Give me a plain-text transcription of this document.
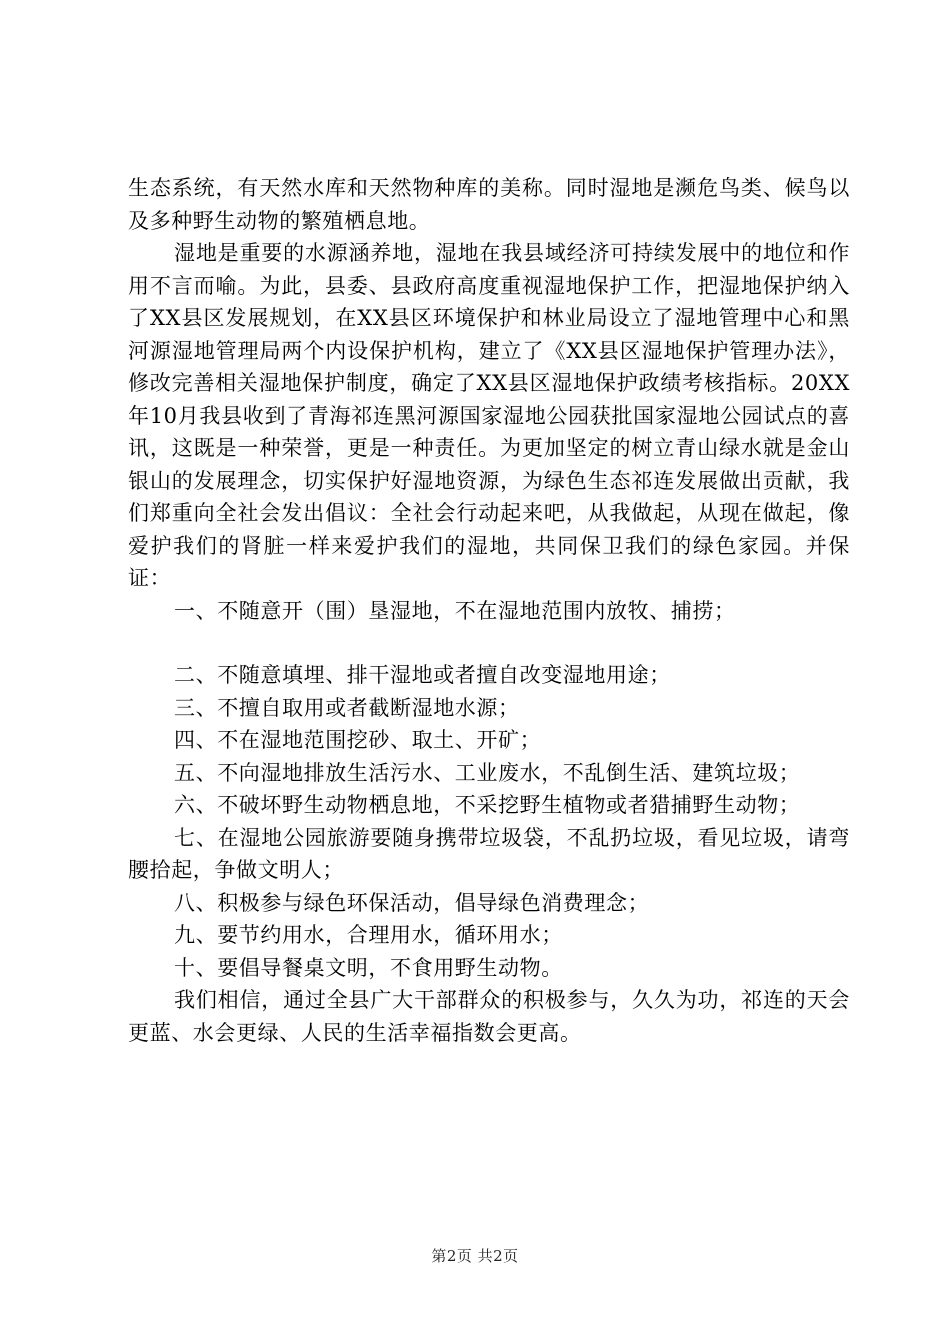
生态系统，有天然水库和天然物种库的美称。同时湿地是濒危鸟类、候鸟以及多种野生动物的繁殖栖息地。

湿地是重要的水源涵养地，湿地在我县域经济可持续发展中的地位和作用不言而喻。为此，县委、县政府高度重视湿地保护工作，把湿地保护纳入了XX县区发展规划，在XX县区环境保护和林业局设立了湿地管理中心和黑河源湿地管理局两个内设保护机构，建立了《XX县区湿地保护管理办法》，修改完善相关湿地保护制度，确定了XX县区湿地保护政绩考核指标。20XX年10月我县收到了青海祁连黑河源国家湿地公园获批国家湿地公园试点的喜讯，这既是一种荣誉，更是一种责任。为更加坚定的树立青山绿水就是金山银山的发展理念，切实保护好湿地资源，为绿色生态祁连发展做出贡献，我们郑重向全社会发出倡议：全社会行动起来吧，从我做起，从现在做起，像爱护我们的肾脏一样来爱护我们的湿地，共同保卫我们的绿色家园。并保证：

一、不随意开（围）垦湿地，不在湿地范围内放牧、捕捞；

二、不随意填埋、排干湿地或者擅自改变湿地用途；

三、不擅自取用或者截断湿地水源；

四、不在湿地范围挖砂、取土、开矿；

五、不向湿地排放生活污水、工业废水，不乱倒生活、建筑垃圾；

六、不破坏野生动物栖息地，不采挖野生植物或者猎捕野生动物；

七、在湿地公园旅游要随身携带垃圾袋，不乱扔垃圾，看见垃圾，请弯腰拾起，争做文明人；

八、积极参与绿色环保活动，倡导绿色消费理念；

九、要节约用水，合理用水，循环用水；

十、要倡导餐桌文明，不食用野生动物。

我们相信，通过全县广大干部群众的积极参与，久久为功，祁连的天会更蓝、水会更绿、人民的生活幸福指数会更高。

第2页 共2页
